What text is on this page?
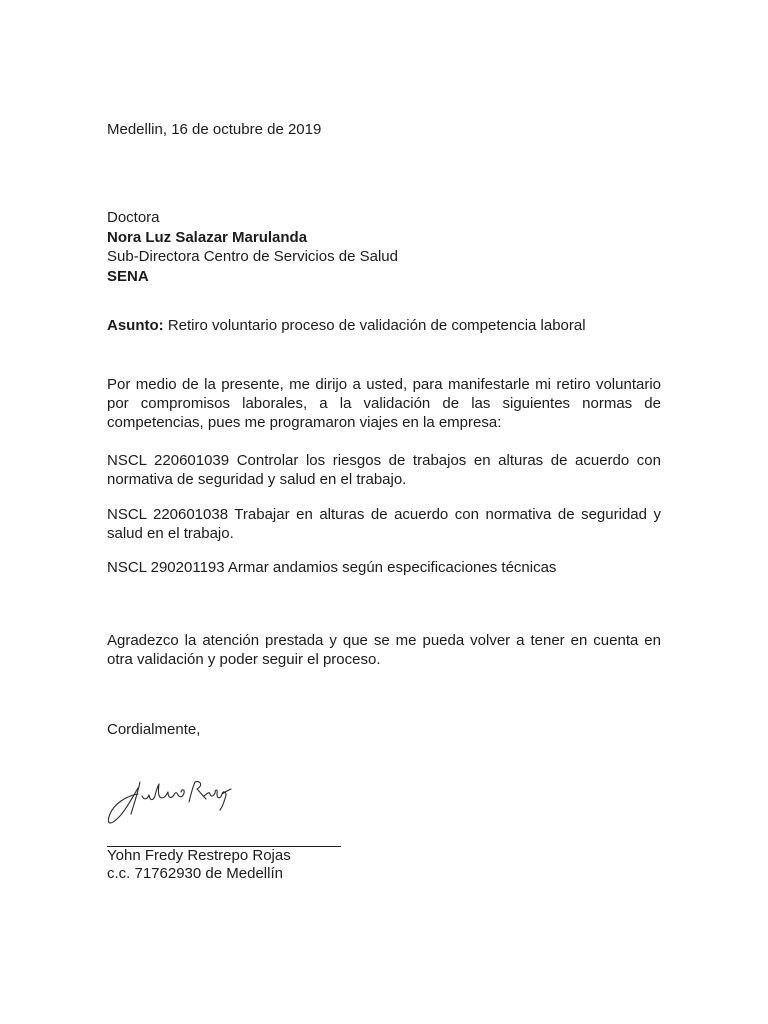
Medellin, 16 de octubre de 2019
Doctora
Nora Luz Salazar Marulanda
Sub-Directora Centro de Servicios de Salud
SENA
Asunto: Retiro voluntario proceso de validación de competencia laboral
Por medio de la presente, me dirijo a usted, para manifestarle mi retiro voluntario por compromisos laborales, a la validación de las siguientes normas de competencias, pues me programaron viajes en la empresa:
NSCL 220601039 Controlar los riesgos de trabajos en alturas de acuerdo con normativa de seguridad y salud en el trabajo.
NSCL 220601038 Trabajar en alturas de acuerdo con normativa de seguridad y salud en el trabajo.
NSCL 290201193 Armar andamios según especificaciones técnicas
Agradezco la atención prestada y que se me pueda volver a tener en cuenta en otra validación y poder seguir el proceso.
Cordialmente,
Yohn Fredy Restrepo Rojas
c.c. 71762930 de Medellín
